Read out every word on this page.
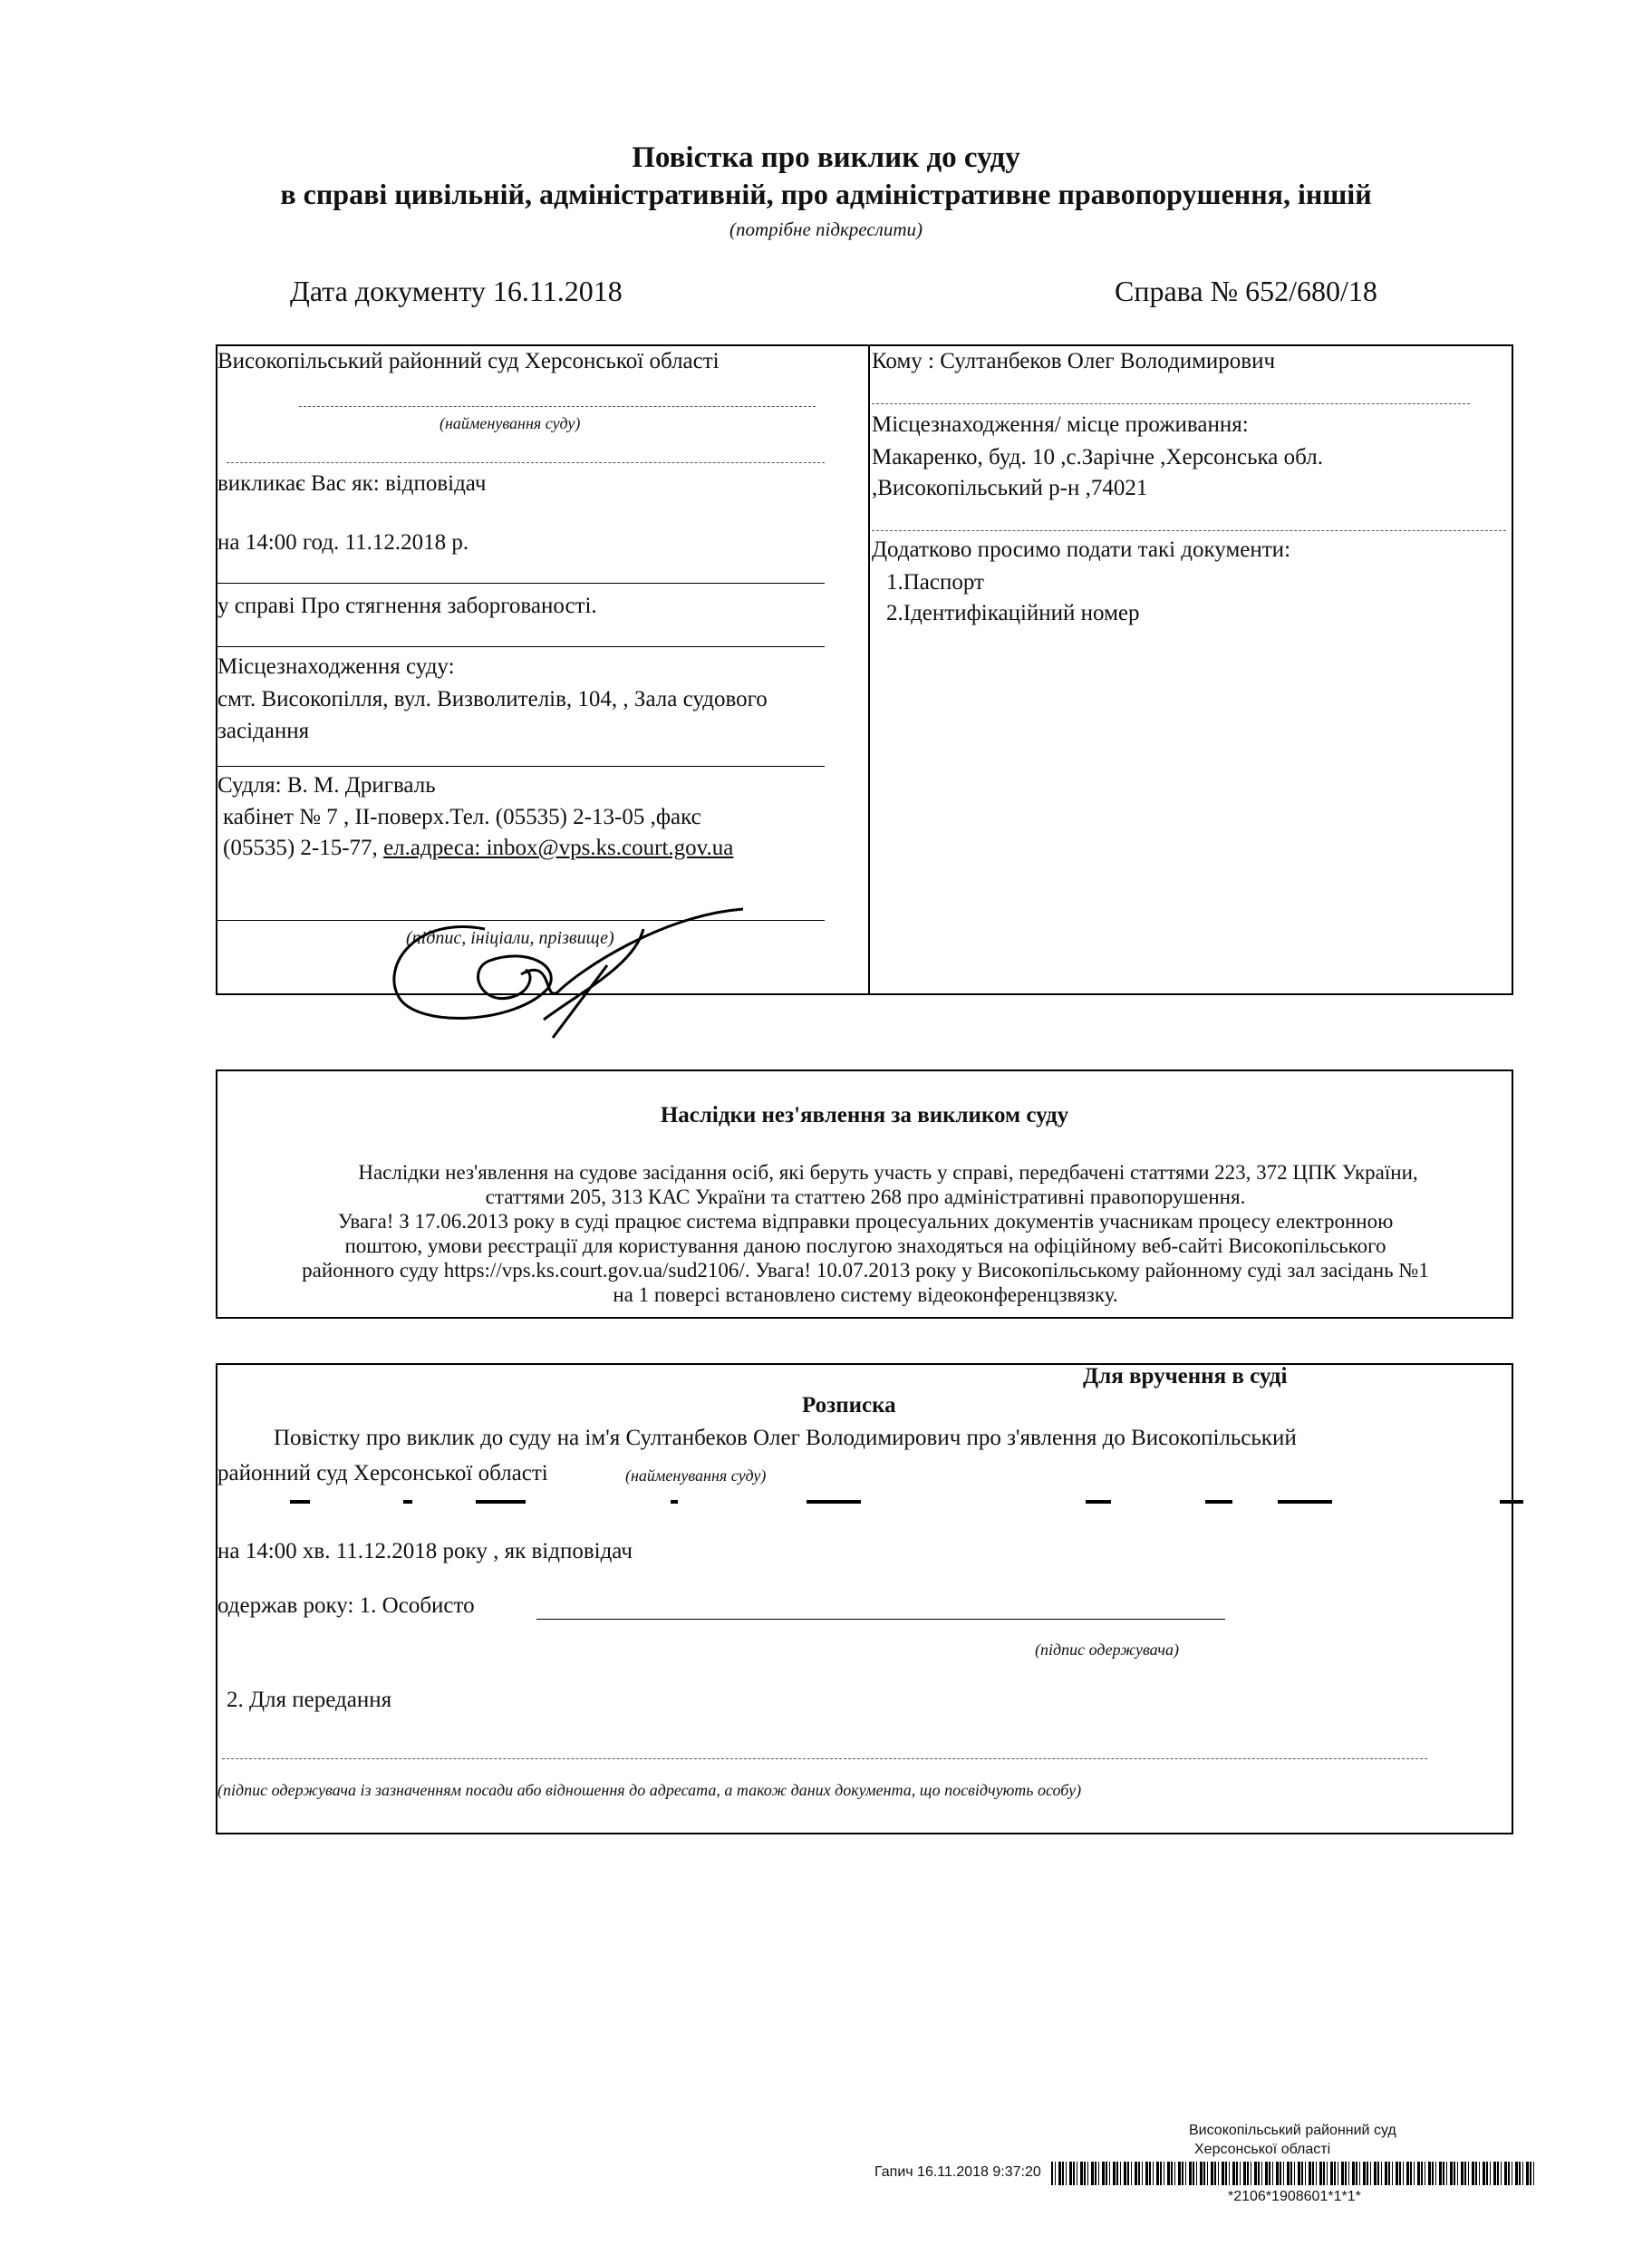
Повістка про виклик до суду
в справі цивільній, адміністративній, про адміністративне правопорушення, іншій
(потрібне підкреслити)
Дата документу 16.11.2018	Справа № 652/680/18
Високопільський районний суд Херсонської області
(найменування суду)
викликає Вас як: відповідач
на 14:00 год. 11.12.2018 р.
у справі Про стягнення заборгованості.
Місцезнаходження суду:
смт. Високопілля, вул. Визволителів, 104, , Зала судового
засідання
Судля: В. М. Дригваль
кабінет № 7 , ІІ-поверх.Тел. (05535) 2-13-05 ,факс
(05535) 2-15-77, ел.адреса: inbox@vps.ks.court.gov.ua
(підпис, ініціали, прізвище)
Кому : Султанбеков Олег Володимирович
Місцезнаходження/ місце проживання:
Макаренко, буд. 10 ,с.Зарічне ,Херсонська обл.
,Високопільський р-н ,74021
Додатково просимо подати такі документи:
1.Паспорт
2.Ідентифікаційний номер
Наслідки нез'явлення за викликом суду
Наслідки нез'явлення на судове засідання осіб, які беруть участь у справі, передбачені статтями 223, 372 ЦПК України,
статтями 205, 313 КАС України та статтею 268 про адміністративні правопорушення.
Увага! З 17.06.2013 року в суді працює система відправки процесуальних документів учасникам процесу електронною
поштою, умови реєстрації для користування даною послугою знаходяться на офіційному веб-сайті Високопільського
районного суду https://vps.ks.court.gov.ua/sud2106/. Увага! 10.07.2013 року у Високопільському районному суді зал засідань №1
на 1 поверсі встановлено систему відеоконференцзвязку.
Для вручення в суді
Розписка
Повістку про виклик до суду на ім'я Султанбеков Олег Володимирович про з'явлення до Високопільський
районний суд Херсонської області	(найменування суду)
на 14:00 хв. 11.12.2018 року , як відповідач
одержав року: 1. Особисто
(підпис одержувача)
2. Для передання
(підпис одержувача із зазначенням посади або відношення до адресата, а також даних документа, що посвідчують особу)
Високопільський районний суд
Херсонської області
Гапич 16.11.2018 9:37:20
*2106*1908601*1*1*
